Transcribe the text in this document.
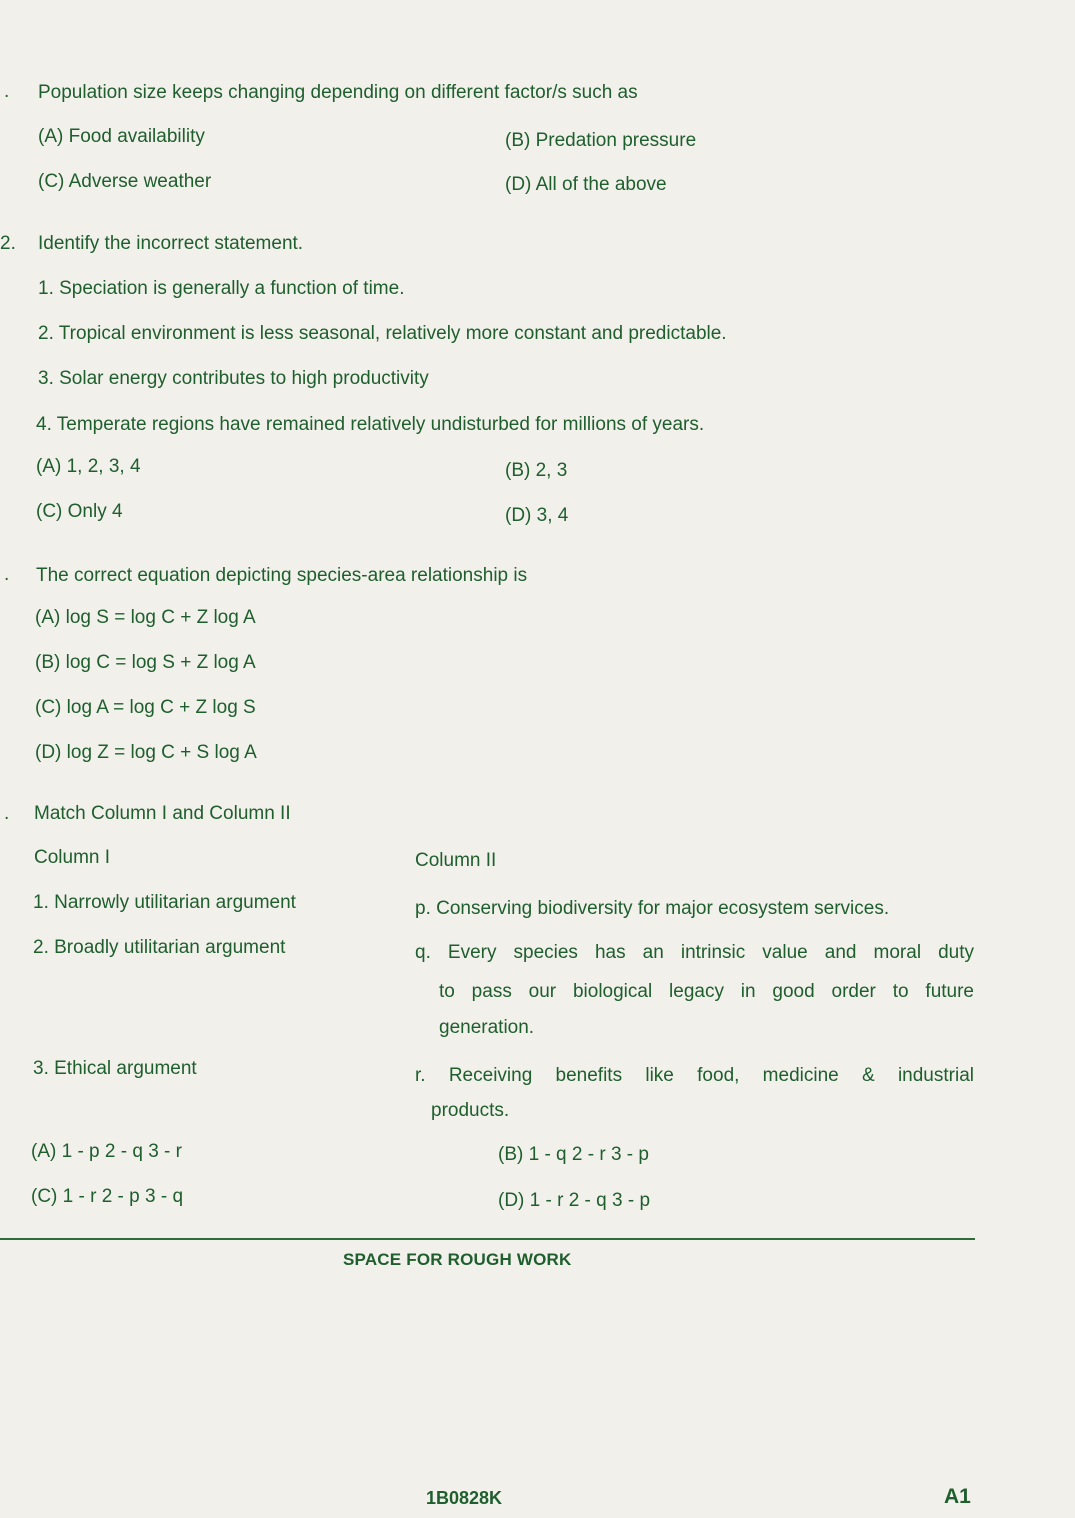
. Population size keeps changing depending on different factor/s such as
(A) Food availability	(B) Predation pressure
(C) Adverse weather	(D) All of the above
2. Identify the incorrect statement.
1. Speciation is generally a function of time.
2. Tropical environment is less seasonal, relatively more constant and predictable.
3. Solar energy contributes to high productivity
4. Temperate regions have remained relatively undisturbed for millions of years.
(A) 1, 2, 3, 4	(B) 2, 3
(C) Only 4	(D) 3, 4
. The correct equation depicting species-area relationship is
(A) log S = log C + Z log A
(B) log C = log S + Z log A
(C) log A = log C + Z log S
(D) log Z = log C + S log A
. Match Column I and Column II
Column I	Column II
1. Narrowly utilitarian argument	p. Conserving biodiversity for major ecosystem services.
2. Broadly utilitarian argument	q. Every species has an intrinsic value and moral duty
to pass our biological legacy in good order to future
generation.
3. Ethical argument	r. Receiving benefits like food, medicine & industrial
products.
(A) 1 - p 2 - q 3 - r	(B) 1 - q 2 - r 3 - p
(C) 1 - r 2 - p 3 - q	(D) 1 - r 2 - q 3 - p
SPACE FOR ROUGH WORK
1B0828K	A1
